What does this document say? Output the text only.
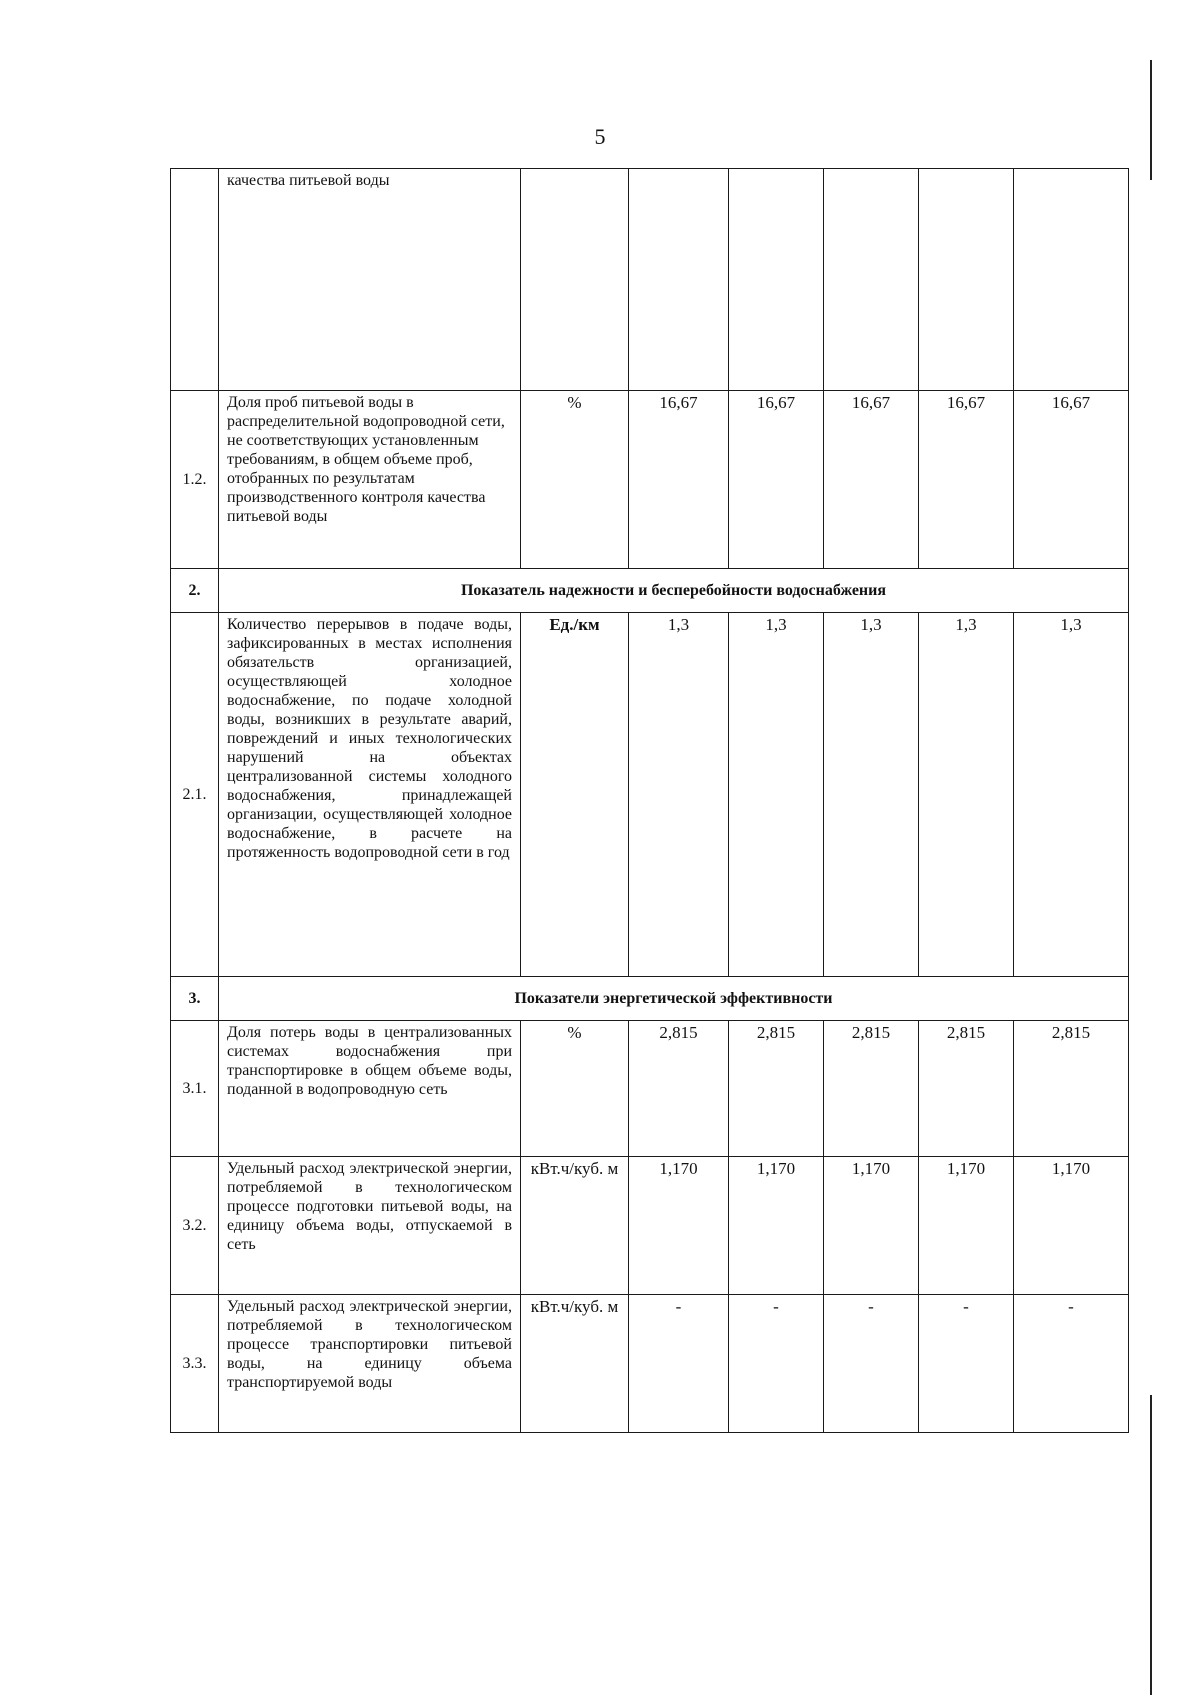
5
	качества питьевой воды						
1.2.	Доля проб питьевой воды в распределительной водопроводной сети, не соответствующих установленным требованиям, в общем объеме проб, отобранных по результатам производственного контроля качества питьевой воды	%	16,67	16,67	16,67	16,67	16,67
2.	Показатель надежности и бесперебойности водоснабжения						
2.1.	Количество перерывов в подаче воды, зафиксированных в местах исполнения обязательств организацией, осуществляющей холодное водоснабжение, по подаче холодной воды, возникших в результате аварий, повреждений и иных технологических нарушений на объектах централизованной системы холодного водоснабжения, принадлежащей организации, осуществляющей холодное водоснабжение, в расчете на протяженность водопроводной сети в год	Ед./км	1,3	1,3	1,3	1,3	1,3
3.	Показатели энергетической эффективности						
3.1.	Доля потерь воды в централизованных системах водоснабжения при транспортировке в общем объеме воды, поданной в водопроводную сеть	%	2,815	2,815	2,815	2,815	2,815
3.2.	Удельный расход электрической энергии, потребляемой в технологическом процессе подготовки питьевой воды, на единицу объема воды, отпускаемой в сеть	кВт.ч/куб. м	1,170	1,170	1,170	1,170	1,170
3.3.	Удельный расход электрической энергии, потребляемой в технологическом процессе транспортировки питьевой воды, на единицу объема транспортируемой воды	кВт.ч/куб. м	-	-	-	-	-
